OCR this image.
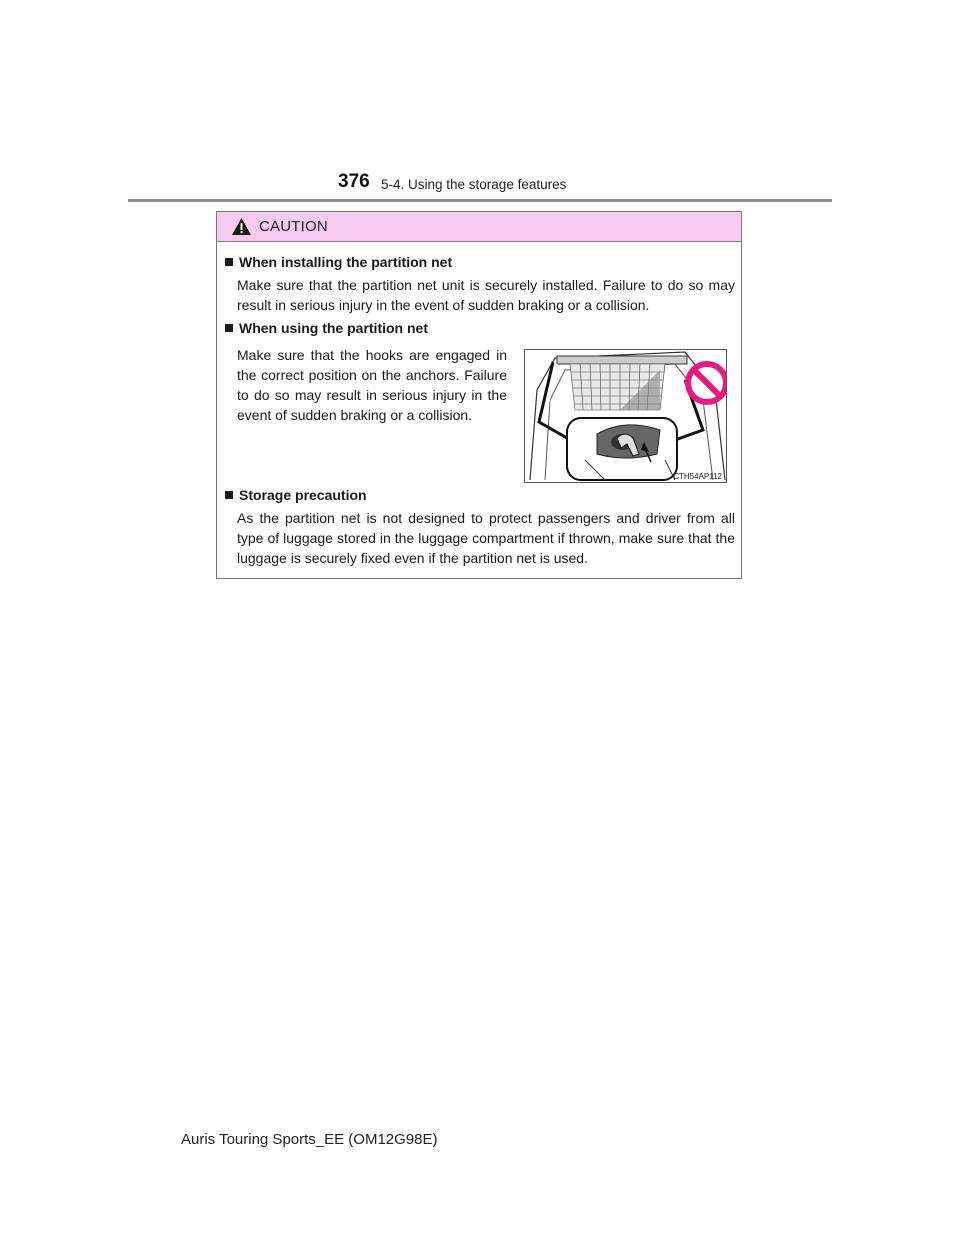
376 5-4. Using the storage features
CAUTION
When installing the partition net
Make sure that the partition net unit is securely installed. Failure to do so may result in serious injury in the event of sudden braking or a collision.
When using the partition net
Make sure that the hooks are engaged in the correct position on the anchors. Failure to do so may result in serious injury in the event of sudden braking or a collision.
CTH54AP112
Storage precaution
As the partition net is not designed to protect passengers and driver from all type of luggage stored in the luggage compartment if thrown, make sure that the luggage is securely fixed even if the partition net is used.
Auris Touring Sports_EE (OM12G98E)
